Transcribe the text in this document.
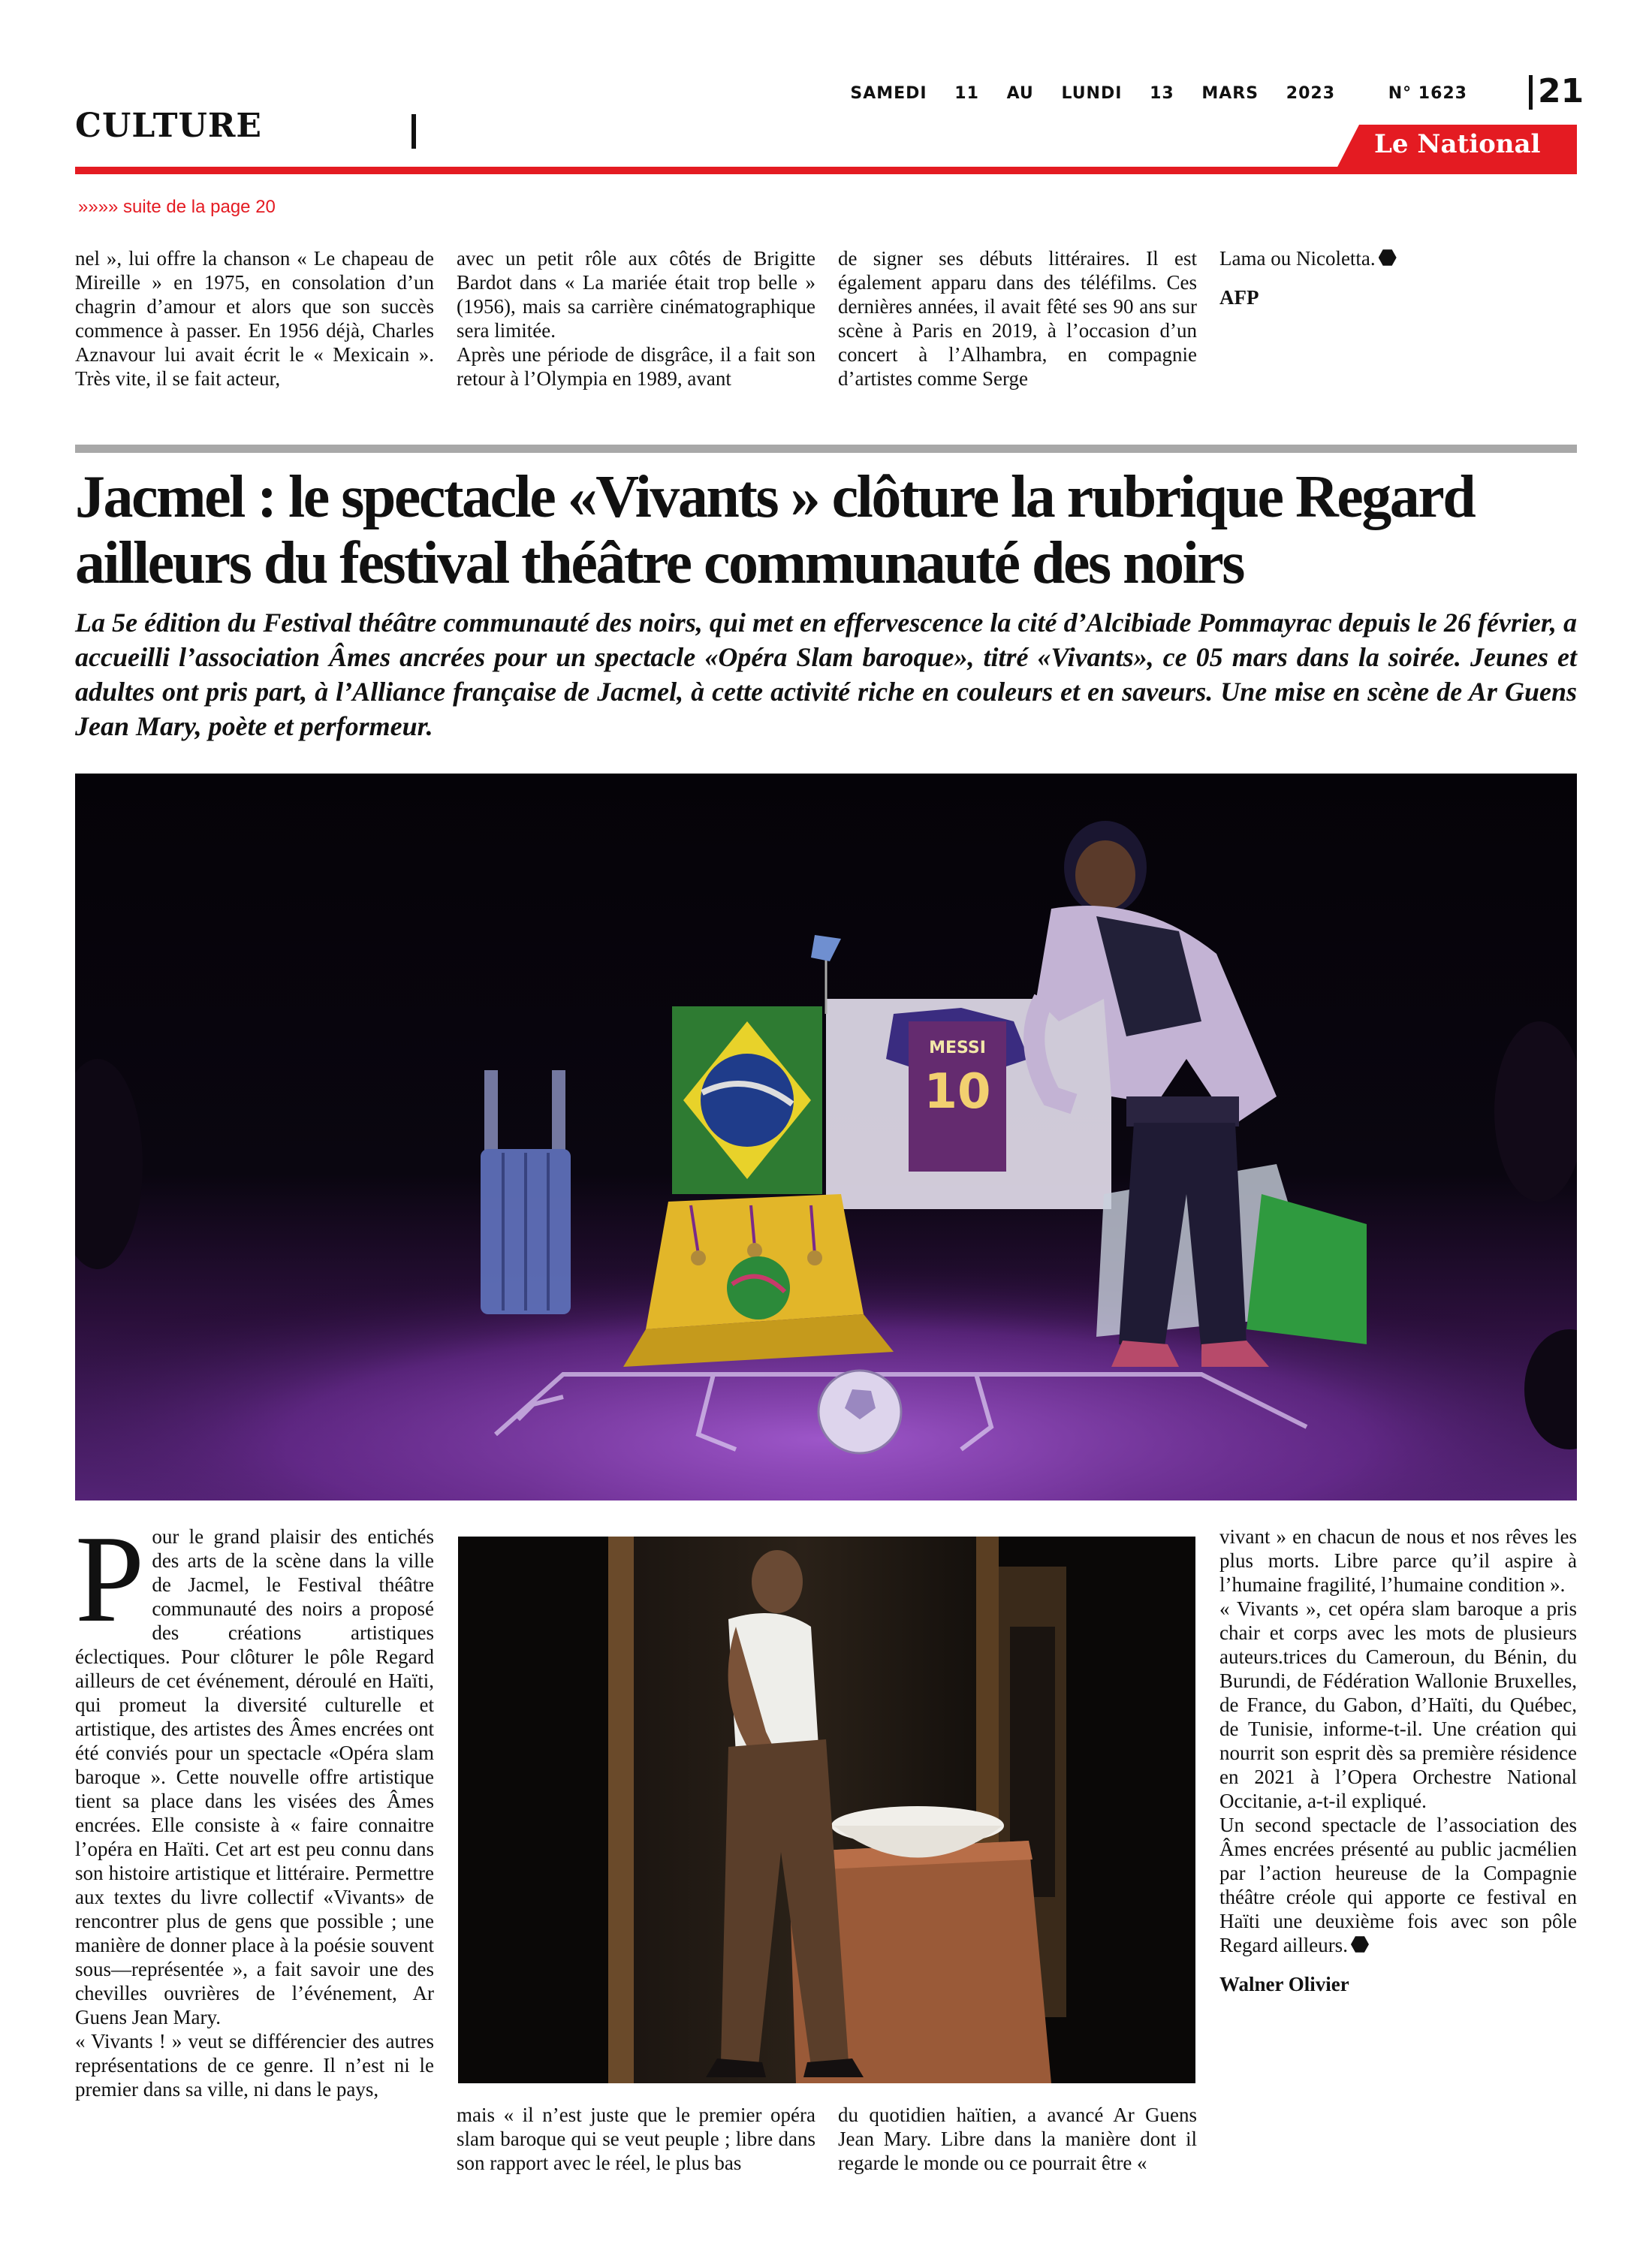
CULTURE
SAMEDI 11 AU LUNDI 13 MARS 2023	N° 1623 21
Le National
»»»» suite de la page 20

nel », lui offre la chanson « Le chapeau de Mireille » en 1975, en consolation d’un chagrin d’amour et alors que son succès commence à passer. En 1956 déjà, Charles Aznavour lui avait écrit le « Mexicain ». Très vite, il se fait acteur,

avec un petit rôle aux côtés de Brigitte Bardot dans « La mariée était trop belle » (1956), mais sa carrière cinématographique sera limitée.

Après une période de disgrâce, il a fait son retour à l’Olympia en 1989, avant

de signer ses débuts littéraires. Il est également apparu dans des téléfilms. Ces dernières années, il avait fêté ses 90 ans sur scène à Paris en 2019, à l’occasion d’un concert à l’Alhambra, en compagnie d’artistes comme Serge

Lama ou Nicoletta.

AFP

Jacmel : le spectacle «Vivants » clôture la rubrique Regard ailleurs du festival théâtre communauté des noirs
La 5e édition du Festival théâtre communauté des noirs, qui met en effervescence la cité d’Alcibiade Pommayrac depuis le 26 février, a accueilli l’association Âmes ancrées pour un spectacle «Opéra Slam baroque», titré «Vivants», ce 05 mars dans la soirée. Jeunes et adultes ont pris part, à l’Alliance française de Jacmel, à cette activité riche en couleurs et en saveurs. Une mise en scène de Ar Guens Jean Mary, poète et performeur.
MESSI
10

Pour le grand plaisir des entichés des arts de la scène dans la ville de Jacmel, le Festival théâtre communauté des noirs a proposé des créations artistiques éclectiques. Pour clôturer le pôle Regard ailleurs de cet événement, déroulé en Haïti, qui promeut la diversité culturelle et artistique, des artistes des Âmes encrées ont été conviés pour un spectacle «Opéra slam baroque ». Cette nouvelle offre artistique tient sa place dans les visées des Âmes encrées. Elle consiste à « faire connaitre l’opéra en Haïti. Cet art est peu connu dans son histoire artistique et littéraire. Permettre aux textes du livre collectif «Vivants» de rencontrer plus de gens que possible ; une manière de donner place à la poésie souvent sous—représentée », a fait savoir une des chevilles ouvrières de l’événement, Ar Guens Jean Mary.

« Vivants ! » veut se différencier des autres représentations de ce genre. Il n’est ni le premier dans sa ville, ni dans le pays,

mais « il n’est juste que le premier opéra slam baroque qui se veut peuple ; libre dans son rapport avec le réel, le plus bas

du quotidien haïtien, a avancé Ar Guens Jean Mary. Libre dans la manière dont il regarde le monde ou ce pourrait être «

vivant » en chacun de nous et nos rêves les plus morts. Libre parce qu’il aspire à l’humaine fragilité, l’humaine condition ».

« Vivants », cet opéra slam baroque a pris chair et corps avec les mots de plusieurs auteurs.trices du Cameroun, du Bénin, du Burundi, de Fédération Wallonie Bruxelles, de France, du Gabon, d’Haïti, du Québec, de Tunisie, informe-t-il. Une création qui nourrit son esprit dès sa première résidence en 2021 à l’Opera Orchestre National Occitanie, a-t-il expliqué.

Un second spectacle de l’association des Âmes encrées présenté au public jacmélien par l’action heureuse de la Compagnie théâtre créole qui apporte ce festival en Haïti une deuxième fois avec son pôle Regard ailleurs.

Walner Olivier
